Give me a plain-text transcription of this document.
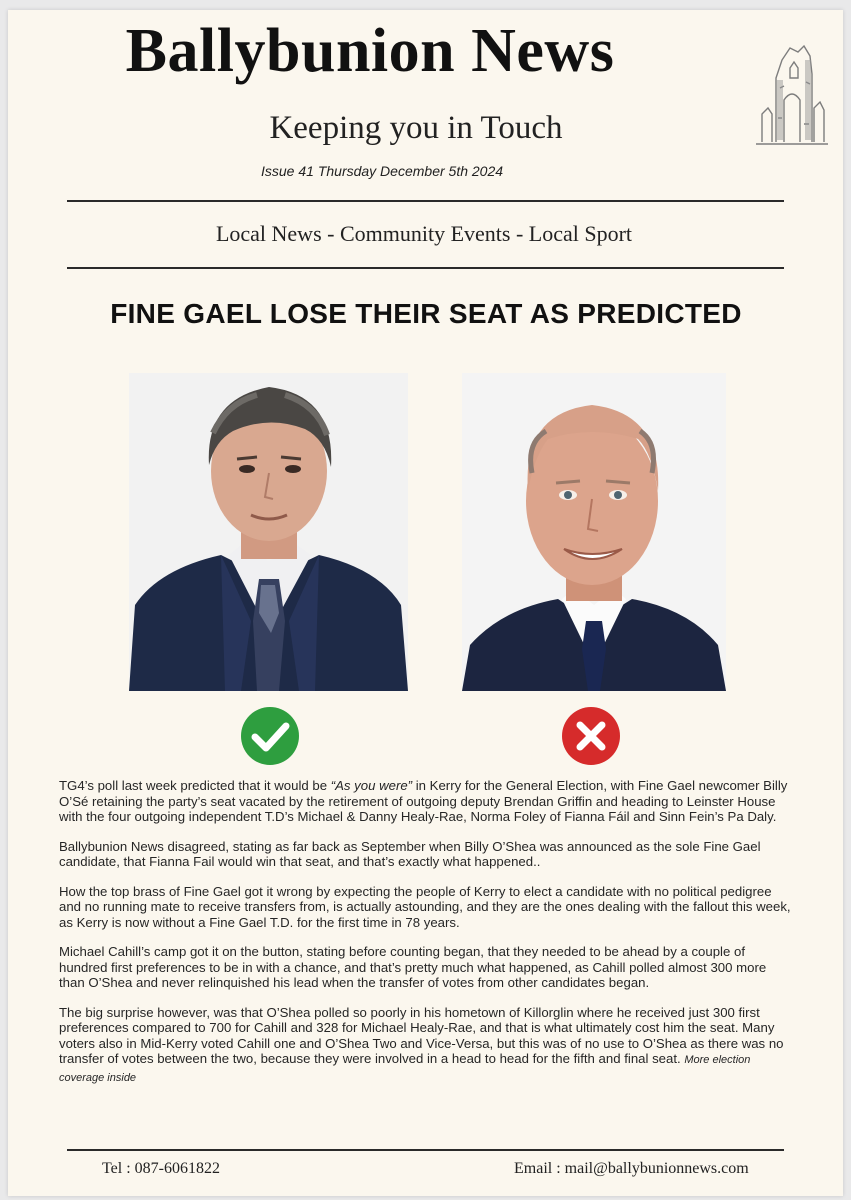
Ballybunion News
Keeping you in Touch
Issue 41 Thursday December 5th 2024
Local News - Community Events - Local Sport
FINE GAEL LOSE THEIR SEAT AS PREDICTED

TG4’s poll last week predicted that it would be “As you were” in Kerry for the General Election, with Fine Gael newcomer Billy O’Sé retaining the party’s seat vacated by the retirement of outgoing deputy Brendan Griffin and heading to Leinster House with the four outgoing independent T.D’s Michael & Danny Healy-Rae, Norma Foley of Fianna Fáil and Sinn Fein’s Pa Daly.

Ballybunion News disagreed, stating as far back as September when Billy O’Shea was announced as the sole Fine Gael candidate, that Fianna Fail would win that seat, and that’s exactly what happened..

How the top brass of Fine Gael got it wrong by expecting the people of Kerry to elect a candidate with no political pedigree and no running mate to receive transfers from, is actually astounding, and they are the ones dealing with the fallout this week, as Kerry is now without a Fine Gael T.D. for the first time in 78 years.

Michael Cahill’s camp got it on the button, stating before counting began, that they needed to be ahead by a couple of hundred first preferences to be in with a chance, and that’s pretty much what happened, as Cahill polled almost 300 more than O’Shea and never relinquished his lead when the transfer of votes from other candidates began.

The big surprise however, was that O’Shea polled so poorly in his hometown of Killorglin where he received just 300 first preferences compared to 700 for Cahill and 328 for Michael Healy-Rae, and that is what ultimately cost him the seat. Many voters also in Mid-Kerry voted Cahill one and O’Shea Two and Vice-Versa, but this was of no use to O’Shea as there was no transfer of votes between the two, because they were involved in a head to head for the fifth and final seat. More election coverage inside

Tel : 087-6061822	Email : mail@ballybunionnews.com
